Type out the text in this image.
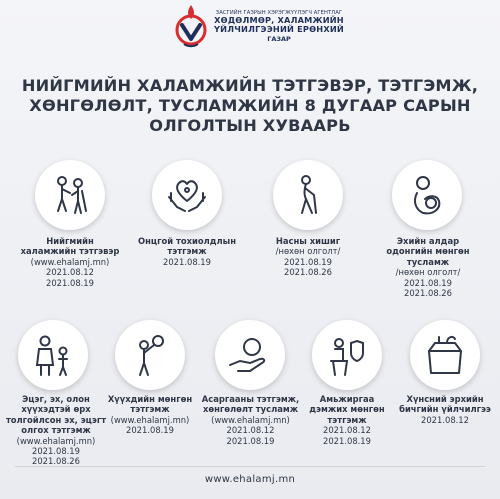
ЗАСГИЙН ГАЗРЫН ХЭРЭГЖҮҮЛЭГЧ АГЕНТЛАГ
ХӨДӨЛМӨР, ХАЛАМЖИЙН
ҮЙЛЧИЛГЭЭНИЙ ЕРӨНХИЙ
ГАЗАР
НИЙГМИЙН ХАЛАМЖИЙН ТЭТГЭВЭР, ТЭТГЭМЖ,
ХӨНГӨЛӨЛТ, ТУСЛАМЖИЙН 8 ДУГААР САРЫН
ОЛГОЛТЫН ХУВААРЬ
Нийгмийн
халамжийн тэтгэвэр
(www.ehalamj.mn)
2021.08.12
2021.08.19
Онцгой тохиолдлын
тэтгэмж
2021.08.19
Насны хишиг
/нөхөн олголт/
2021.08.19
2021.08.26
Эхийн алдар
одонгийн мөнгөн
тусламж
/нөхөн олголт/
2021.08.19
2021.08.26
Эцэг, эх, олон
хүүхэдтэй өрх
толгойлсон эх, эцэгт
олгох тэтгэмж
(www.ehalamj.mn)
2021.08.19
2021.08.26
Хүүхдийн мөнгөн
тэтгэмж
(www.ehalamj.mn)
2021.08.19
Асаргааны тэтгэмж,
хөнгөлөлт тусламж
(www.ehalamj.mn)
2021.08.12
2021.08.19
Амьжиргаа
дэмжих мөнгөн
тэтгэмж
2021.08.12
2021.08.19
Хүнсний эрхийн
бичгийн үйлчилгээ
2021.08.12
www.ehalamj.mn
